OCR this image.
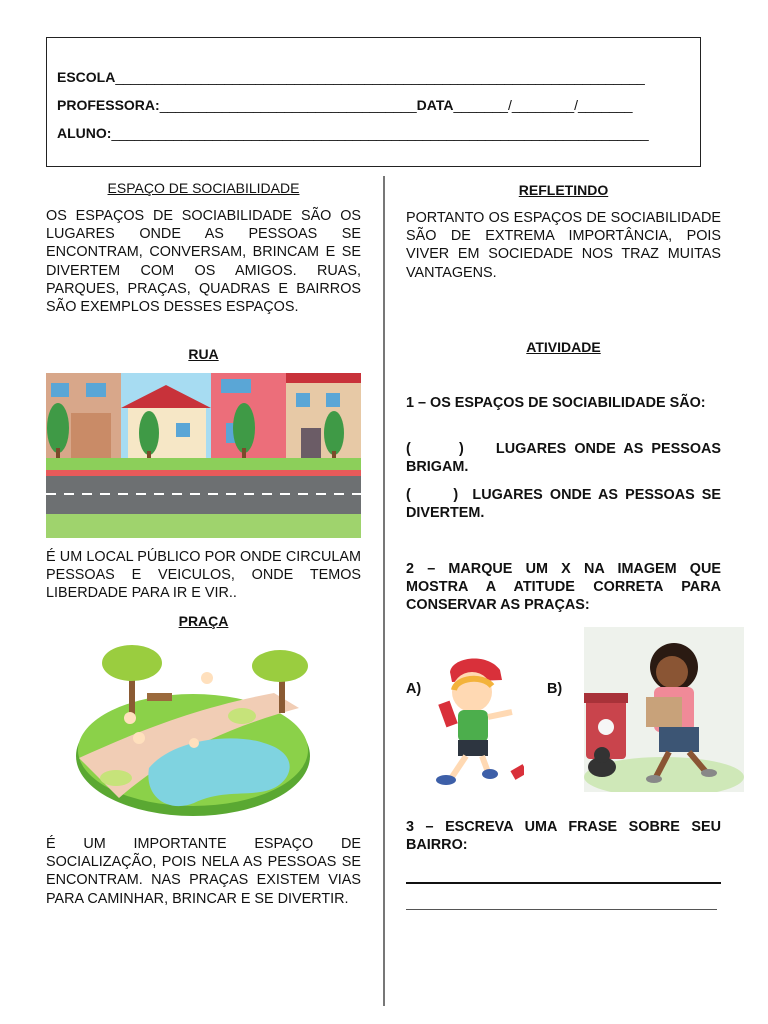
ESCOLA____________________________________________________________________
PROFESSORA:_________________________________DATA_______/________/_______
ALUNO:_____________________________________________________________________

ESPAÇO DE SOCIABILIDADE

OS ESPAÇOS DE SOCIABILIDADE SÃO OS LUGARES ONDE AS PESSOAS SE ENCONTRAM, CONVERSAM, BRINCAM E SE DIVERTEM COM OS AMIGOS. RUAS, PARQUES, PRAÇAS, QUADRAS E BAIRROS SÃO EXEMPLOS DESSES ESPAÇOS.

RUA

É UM LOCAL PÚBLICO POR ONDE CIRCULAM PESSOAS E VEICULOS, ONDE TEMOS LIBERDADE PARA IR E VIR..

PRAÇA

É UM IMPORTANTE ESPAÇO DE SOCIALIZAÇÃO, POIS NELA AS PESSOAS SE ENCONTRAM. NAS PRAÇAS EXISTEM VIAS PARA CAMINHAR, BRINCAR E SE DIVERTIR.

REFLETINDO

PORTANTO OS ESPAÇOS DE SOCIABILIDADE SÃO DE EXTREMA IMPORTÂNCIA, POIS VIVER EM SOCIEDADE NOS TRAZ MUITAS VANTAGENS.

ATIVIDADE

1 – OS ESPAÇOS DE SOCIABILIDADE SÃO:

(      )    LUGARES ONDE AS PESSOAS BRIGAM.

(      )  LUGARES ONDE AS PESSOAS SE DIVERTEM.

2 – MARQUE UM X NA IMAGEM QUE MOSTRA A ATITUDE CORRETA PARA CONSERVAR AS PRAÇAS:

A)	B)

3 – ESCREVA UMA FRASE SOBRE SEU BAIRRO:
